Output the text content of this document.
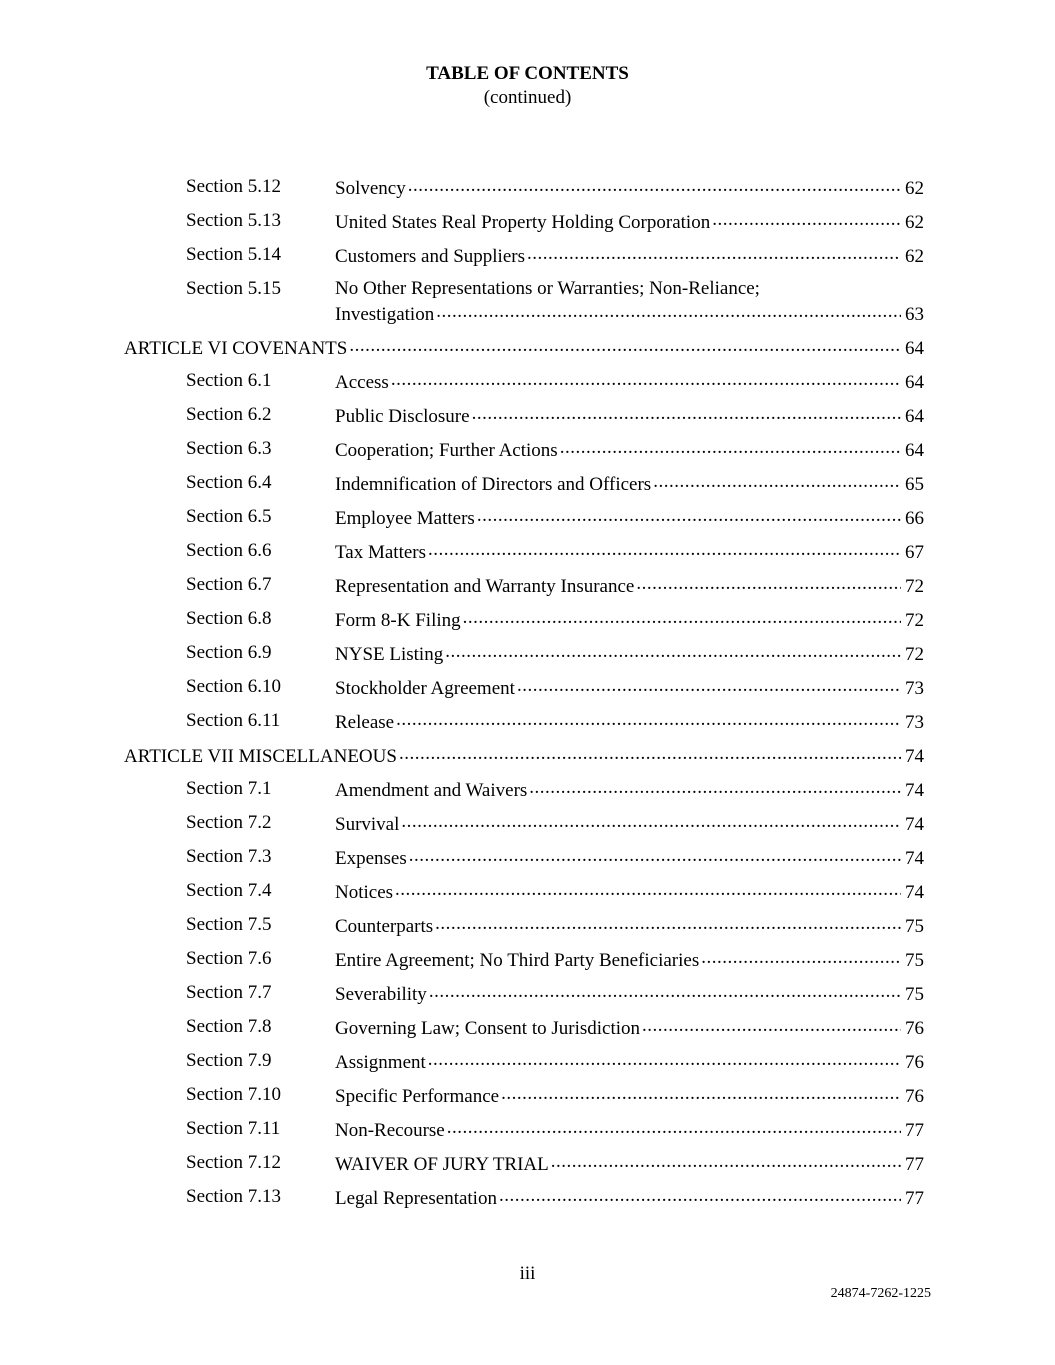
TABLE OF CONTENTS
(continued)
Section 5.12	Solvency .....	62
Section 5.13	United States Real Property Holding Corporation .....	62
Section 5.14	Customers and Suppliers .....	62
Section 5.15	No Other Representations or Warranties; Non-Reliance;
Investigation .....	63
ARTICLE VI COVENANTS .....	64
Section 6.1	Access .....	64
Section 6.2	Public Disclosure .....	64
Section 6.3	Cooperation; Further Actions .....	64
Section 6.4	Indemnification of Directors and Officers .....	65
Section 6.5	Employee Matters .....	66
Section 6.6	Tax Matters .....	67
Section 6.7	Representation and Warranty Insurance .....	72
Section 6.8	Form 8-K Filing .....	72
Section 6.9	NYSE Listing .....	72
Section 6.10	Stockholder Agreement .....	73
Section 6.11	Release .....	73
ARTICLE VII MISCELLANEOUS .....	74
Section 7.1	Amendment and Waivers .....	74
Section 7.2	Survival .....	74
Section 7.3	Expenses .....	74
Section 7.4	Notices .....	74
Section 7.5	Counterparts .....	75
Section 7.6	Entire Agreement; No Third Party Beneficiaries .....	75
Section 7.7	Severability .....	75
Section 7.8	Governing Law; Consent to Jurisdiction .....	76
Section 7.9	Assignment .....	76
Section 7.10	Specific Performance .....	76
Section 7.11	Non-Recourse .....	77
Section 7.12	WAIVER OF JURY TRIAL .....	77
Section 7.13	Legal Representation .....	77
iii
24874-7262-1225
